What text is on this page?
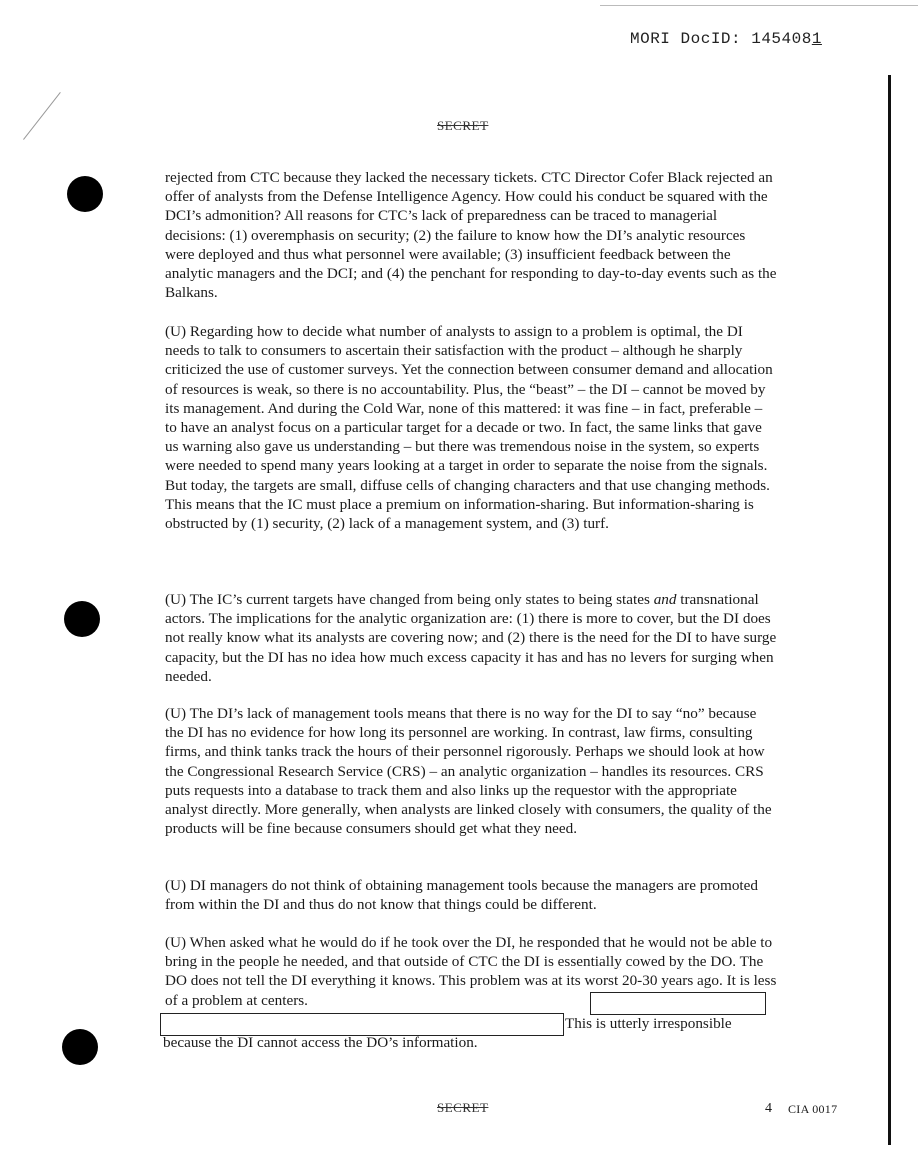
MORI DocID: 1454081
SECRET

rejected from CTC because they lacked the necessary tickets. CTC Director Cofer Black rejected an offer of analysts from the Defense Intelligence Agency. How could his conduct be squared with the DCI’s admonition? All reasons for CTC’s lack of preparedness can be traced to managerial decisions: (1) overemphasis on security; (2) the failure to know how the DI’s analytic resources were deployed and thus what personnel were available; (3) insufficient feedback between the analytic managers and the DCI; and (4) the penchant for responding to day-to-day events such as the Balkans.

(U) Regarding how to decide what number of analysts to assign to a problem is optimal, the DI needs to talk to consumers to ascertain their satisfaction with the product – although he sharply criticized the use of customer surveys. Yet the connection between consumer demand and allocation of resources is weak, so there is no accountability. Plus, the “beast” – the DI – cannot be moved by its management. And during the Cold War, none of this mattered: it was fine – in fact, preferable – to have an analyst focus on a particular target for a decade or two. In fact, the same links that gave us warning also gave us understanding – but there was tremendous noise in the system, so experts were needed to spend many years looking at a target in order to separate the noise from the signals. But today, the targets are small, diffuse cells of changing characters and that use changing methods. This means that the IC must place a premium on information-sharing. But information-sharing is obstructed by (1) security, (2) lack of a management system, and (3) turf.

(U) The IC’s current targets have changed from being only states to being states and transnational actors. The implications for the analytic organization are: (1) there is more to cover, but the DI does not really know what its analysts are covering now; and (2) there is the need for the DI to have surge capacity, but the DI has no idea how much excess capacity it has and has no levers for surging when needed.

(U) The DI’s lack of management tools means that there is no way for the DI to say “no” because the DI has no evidence for how long its personnel are working. In contrast, law firms, consulting firms, and think tanks track the hours of their personnel rigorously. Perhaps we should look at how the Congressional Research Service (CRS) – an analytic organization – handles its resources. CRS puts requests into a database to track them and also links up the requestor with the appropriate analyst directly. More generally, when analysts are linked closely with consumers, the quality of the products will be fine because consumers should get what they need.

(U) DI managers do not think of obtaining management tools because the managers are promoted from within the DI and thus do not know that things could be different.

(U) When asked what he would do if he took over the DI, he responded that he would not be able to bring in the people he needed, and that outside of CTC the DI is essentially cowed by the DO. The DO does not tell the DI everything it knows. This problem was at its worst 20-30 years ago. It is less of a problem at centers.

This is utterly irresponsible
because the DI cannot access the DO’s information.
SECRET	4 CIA 0017
